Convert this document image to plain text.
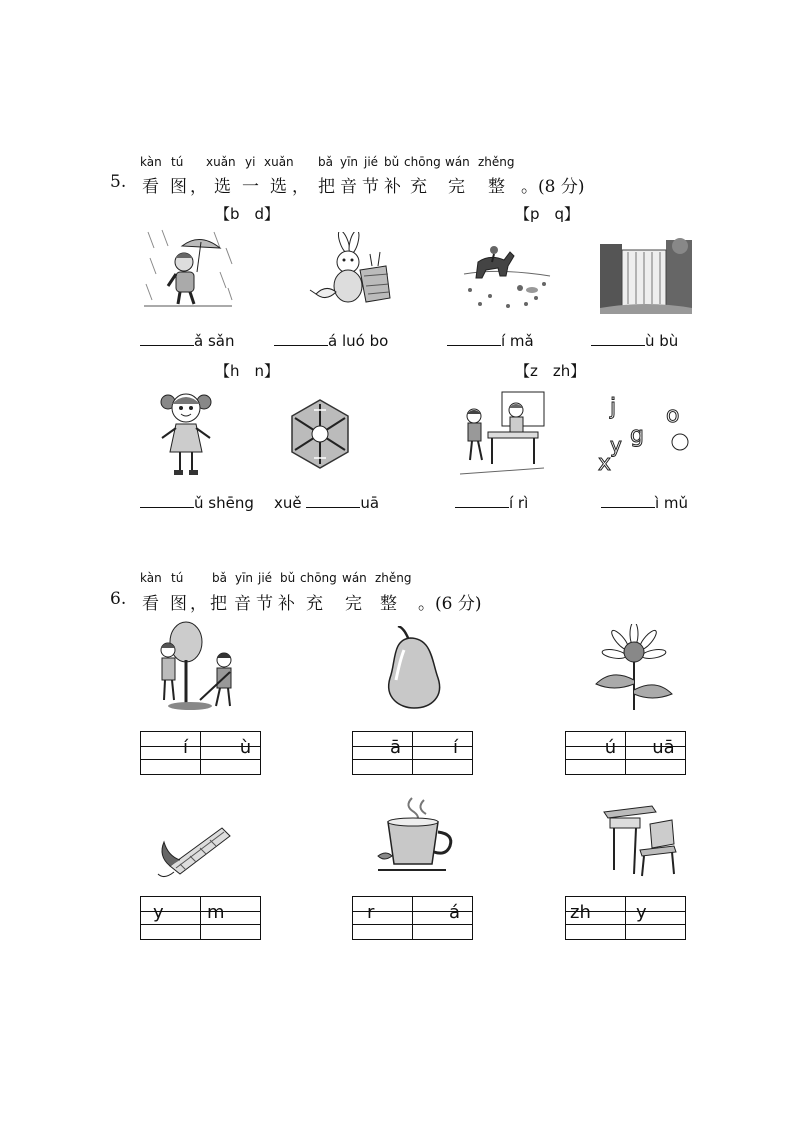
kàn tú xuǎn yi xuǎn bǎ yīn jié bǔ chōng wán zhěng
5. 看 图 ， 选 一 选 ， 把 音 节 补 充 完 整 。 (8 分)
【b　d】	【p　q】
【h　n】	【z　zh】
ǎ sǎn	á luó bo	í mǎ	ù bù
j
g
x
y
o
ǔ shēng xuě	uā	í rì	ì mǔ
kàn tú bǎ yīn jié bǔ chōng wán zhěng
6. 看 图 ， 把 音 节 补 充 完 整 。 (6 分)
í	ù	ā	í	ú	uā
y	m	r	á	zh	y
